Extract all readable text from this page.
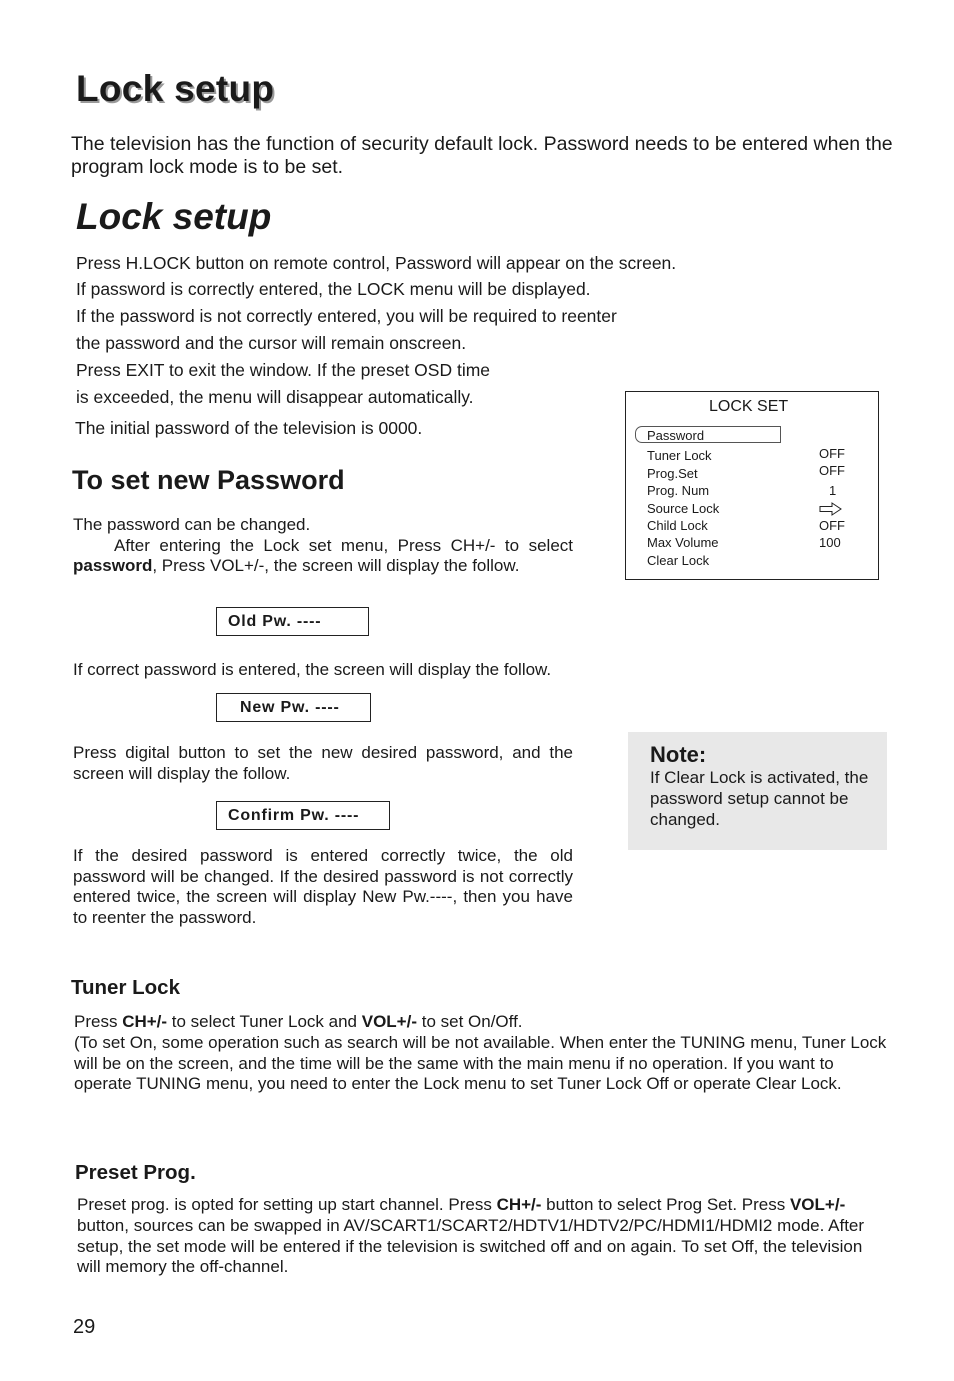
Lock setup
The television has the function of security default lock. Password needs to be entered when the program lock mode is to be set.
Lock setup
Press H.LOCK button on remote control, Password will appear on the screen.
If password is correctly entered, the LOCK menu will be displayed.
If the password is not correctly entered, you will be required to reenter
the password and the cursor will remain onscreen.
Press EXIT to exit the window. If the preset OSD time
is exceeded, the menu will disappear automatically.
The initial password of the television is 0000.
To set new Password
The password can be changed.
After entering the Lock set menu, Press CH+/- to select password, Press VOL+/-, the screen will display the follow.
Old Pw. ----
If correct password is entered, the screen will display the follow.
New Pw. ----
Press digital button to set the new desired password, and the screen will display the follow.
Confirm Pw. ----
If the desired password is entered correctly twice, the old password will be changed. If the desired password is not correctly entered twice, the screen will display New Pw.----, then you have to reenter the password.
LOCK SET
Password
Tuner Lock
Prog.Set
Prog. Num
Source Lock
Child Lock
Max Volume
Clear Lock
OFF
OFF
1
OFF
100
Note:
If Clear Lock is activated, the password setup cannot be changed.
Tuner Lock
Press CH+/- to select Tuner Lock and VOL+/- to set On/Off.
(To set On, some operation such as search will be not available. When enter the TUNING menu, Tuner Lock will be on the screen, and the time will be the same with the main menu if no operation. If you want to operate TUNING menu, you need to enter the Lock menu to set Tuner Lock Off or operate Clear Lock.
Preset Prog.
Preset prog. is opted for setting up start channel. Press CH+/- button to select Prog Set. Press VOL+/- button, sources can be swapped in AV/SCART1/SCART2/HDTV1/HDTV2/PC/HDMI1/HDMI2 mode. After setup, the set mode will be entered if the television is switched off and on again. To set Off, the television will memory the off-channel.
29
